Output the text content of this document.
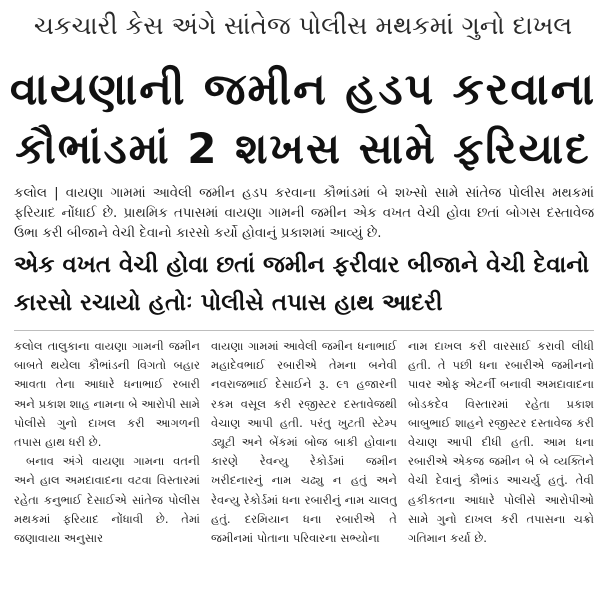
ચકચારી કેસ અંગે સાંતેજ પોલીસ મથકમાં ગુનો દાખલ
વાયણાની જમીન હડપ કરવાના
કૌભાંડમાં 2 શખસ સામે ફરિયાદ
કલોલ | વાયણા ગામમાં આવેલી જમીન હડપ કરવાના કૌભાંડમાં બે શખ્સો સામે સાંતેજ પોલીસ મથકમાં ફરિયાદ નોંધાઈ છે. પ્રાથમિક તપાસમાં વાયણા ગામની જમીન એક વખત વેચી હોવા છતાં બોગસ દસ્તાવેજ ઉભા કરી બીજાને વેચી દેવાનો કારસો કર્યો હોવાનું પ્રકાશમાં આવ્યું છે.
એક વખત વેચી હોવા છતાં જમીન ફરીવાર બીજાને વેચી દેવાનો કારસો રચાયો હતોઃ પોલીસે તપાસ હાથ આદરી

કલોલ તાલુકાના વાયણા ગામની જમીન બાબતે થયેલા કૌભાંડની વિગતો બહાર આવતા તેના આધારે ધનાભાઈ રબારી અને પ્રકાશ શાહ નામના બે આરોપી સામે પોલીસે ગુનો દાખલ કરી આગળની તપાસ હાથ ધરી છે.

બનાવ અંગે વાયણા ગામના વતની અને હાલ અમદાવાદના વટવા વિસ્તારમાં રહેતા કનુભાઈ દેસાઈએ સાંતેજ પોલીસ મથકમાં ફરિયાદ નોંધાવી છે. તેમાં જણાવાયા અનુસાર

વાયણા ગામમાં આવેલી જમીન ધનાભાઈ મહાદેવભાઈ રબારીએ તેમના બનેવી નવરાજભાઈ દેસાઈને રૂ. ૯૧ હજારની રકમ વસૂલ કરી રજીસ્ટર દસ્તાવેજથી વેચાણ આપી હતી. પરંતુ ખુટતી સ્ટેમ્પ ડ્યૂટી અને બેંકમાં બોજ બાકી હોવાના કારણે રેવન્યુ રેકોર્ડમાં જમીન ખરીદનારનું નામ ચઢ્યુ ન હતું અને રેવન્યુ રેકોર્ડમાં ધના રબારીનું નામ ચાલતુ હતું. દરમિયાન ધના રબારીએ તે જમીનમાં પોતાના પરિવારના સભ્યોના

નામ દાખલ કરી વારસાઈ કરાવી લીધી હતી. તે પછી ધના રબારીએ જમીનનો પાવર ઓફ એટર્ની બનાવી અમદાવાદના બોડકદેવ વિસ્તારમાં રહેતા પ્રકાશ બાબુભાઈ શાહને રજીસ્ટર દસ્તાવેજ કરી વેચાણ આપી દીધી હતી. આમ ધના રબારીએ એકજ જમીન બે બે વ્યક્તિને વેચી દેવાનું કૌભાંડ આચર્યુ હતું. તેવી હકીકતના આધારે પોલીસે આરોપીઓ સામે ગુનો દાખલ કરી તપાસના ચક્રો ગતિમાન કર્યા છે.
